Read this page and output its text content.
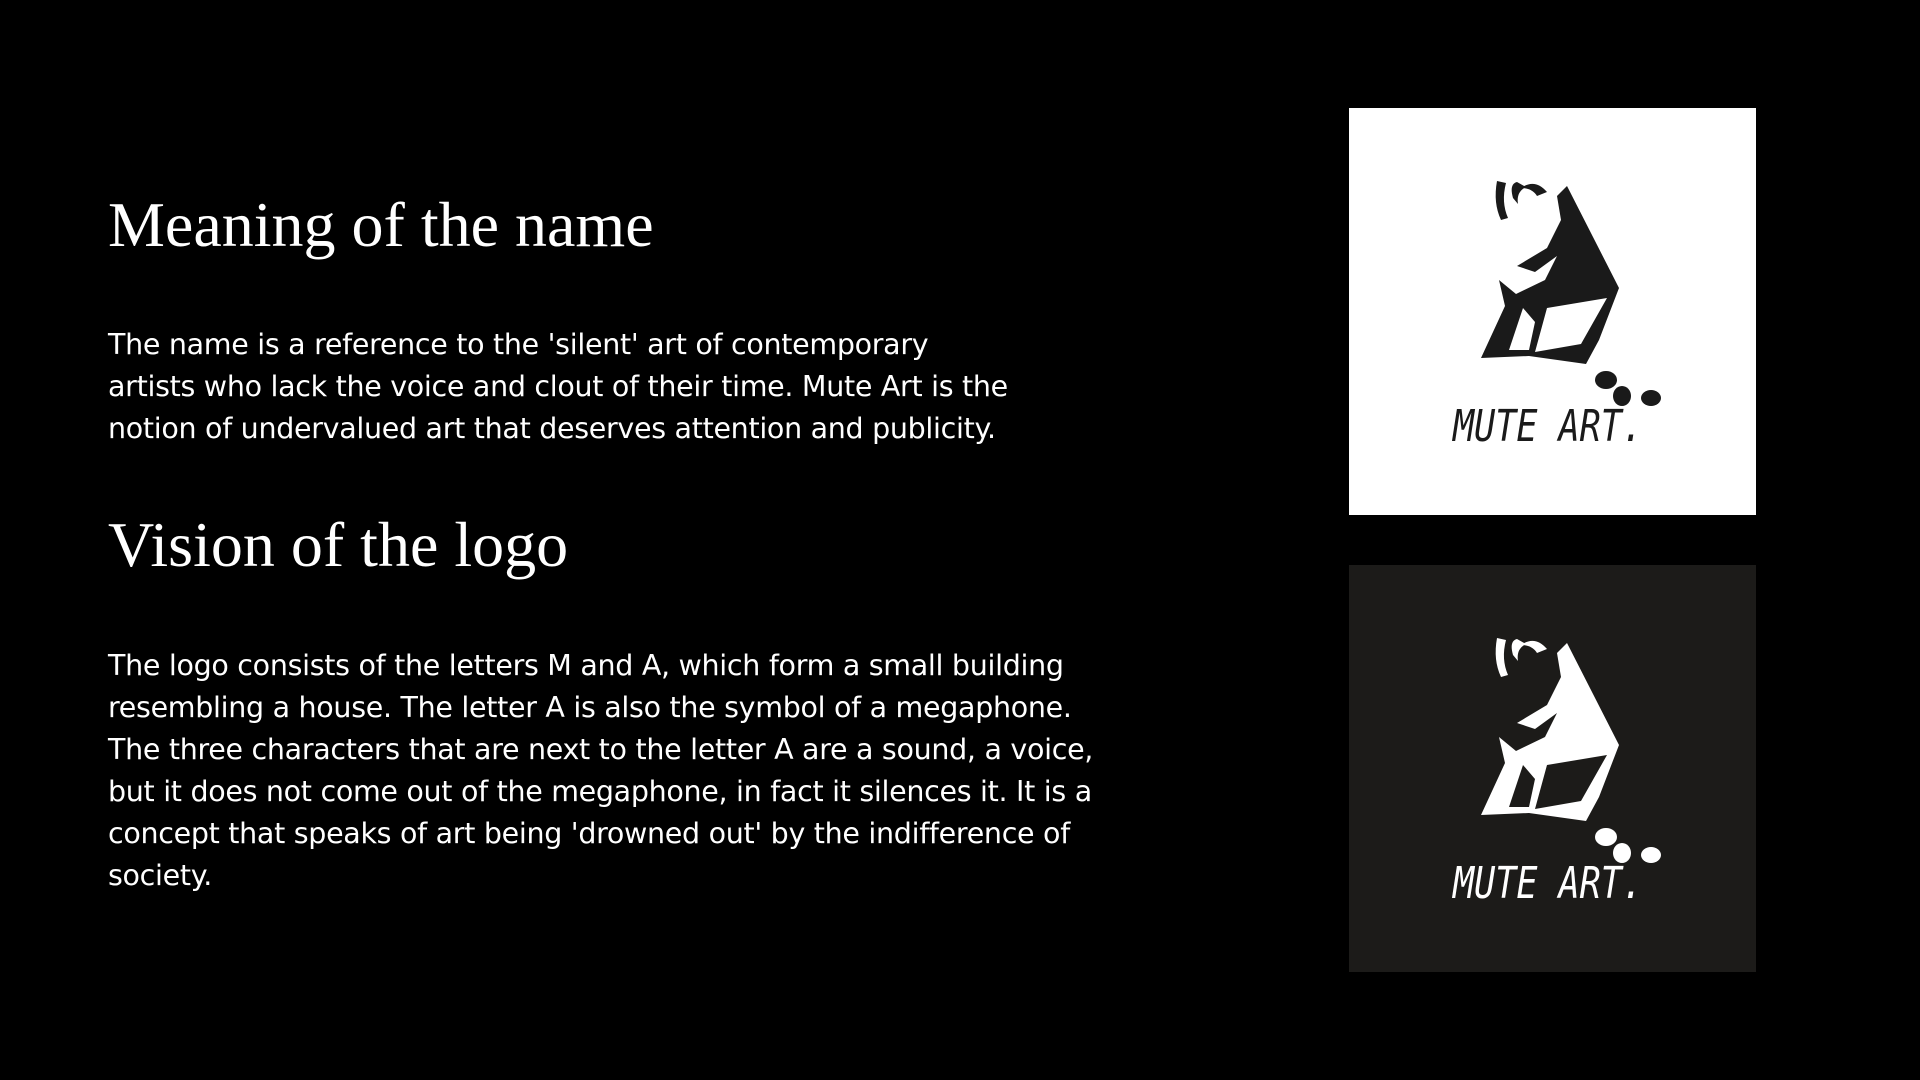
Meaning of the name

The name is a reference to the 'silent' art of contemporary
artists who lack the voice and clout of their time. Mute Art is the
notion of undervalued art that deserves attention and publicity.

Vision of the logo

The logo consists of the letters M and A, which form a small building
resembling a house. The letter A is also the symbol of a megaphone.
The three characters that are next to the letter A are a sound, a voice,
but it does not come out of the megaphone, in fact it silences it. It is a
concept that speaks of art being 'drowned out' by the indifference of
society.

MUTE ART.
MUTE ART.
